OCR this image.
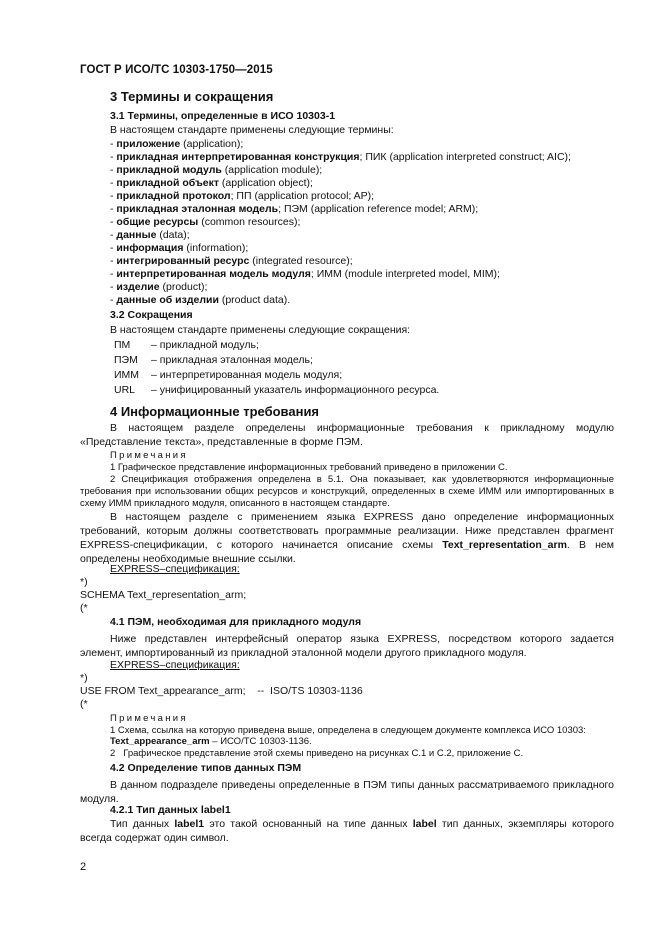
ГОСТ Р ИСО/ТС 10303-1750—2015
3 Термины и сокращения
3.1 Термины, определенные в ИСО 10303-1
В настоящем стандарте применены следующие термины:
- приложение (application);
- прикладная интерпретированная конструкция; ПИК (application interpreted construct; AIC);
- прикладной модуль (application module);
- прикладной объект (application object);
- прикладной протокол; ПП (application protocol; AP);
- прикладная эталонная модель; ПЭМ (application reference model; ARM);
- общие ресурсы (common resources);
- данные (data);
- информация (information);
- интегрированный ресурс (integrated resource);
- интерпретированная модель модуля; ИММ (module interpreted model, MIM);
- изделие (product);
- данные об изделии (product data).
3.2 Сокращения
В настоящем стандарте применены следующие сокращения:
ПМ – прикладной модуль;
ПЭМ – прикладная эталонная модель;
ИММ – интерпретированная модель модуля;
URL – унифицированный указатель информационного ресурса.
4 Информационные требования
В настоящем разделе определены информационные требования к прикладному модулю «Представление текста», представленные в форме ПЭМ.
Примечания
1 Графическое представление информационных требований приведено в приложении С.
2 Спецификация отображения определена в 5.1. Она показывает, как удовлетворяются информационные требования при использовании общих ресурсов и конструкций, определенных в схеме ИММ или импортированных в схему ИММ прикладного модуля, описанного в настоящем стандарте.
В настоящем разделе с применением языка EXPRESS дано определение информационных требований, которым должны соответствовать программные реализации. Ниже представлен фрагмент EXPRESS-спецификации, с которого начинается описание схемы Text_representation_arm. В нем определены необходимые внешние ссылки.
EXPRESS–спецификация:
*)
SCHEMA Text_representation_arm;
(*
4.1 ПЭМ, необходимая для прикладного модуля
Ниже представлен интерфейсный оператор языка EXPRESS, посредством которого задается элемент, импортированный из прикладной эталонной модели другого прикладного модуля.
EXPRESS–спецификация:
*)
USE FROM Text_appearance_arm;    --  ISO/TS 10303-1136
(*
Примечания
1 Схема, ссылка на которую приведена выше, определена в следующем документе комплекса ИСО 10303:
Text_appearance_arm – ИСО/ТС 10303-1136.
2   Графическое представление этой схемы приведено на рисунках С.1 и С.2, приложение С.
4.2 Определение типов данных ПЭМ
В данном подразделе приведены определенные в ПЭМ типы данных рассматриваемого прикладного модуля.
4.2.1 Тип данных label1
Тип данных label1 это такой основанный на типе данных label тип данных, экземпляры которого всегда содержат один символ.
2
